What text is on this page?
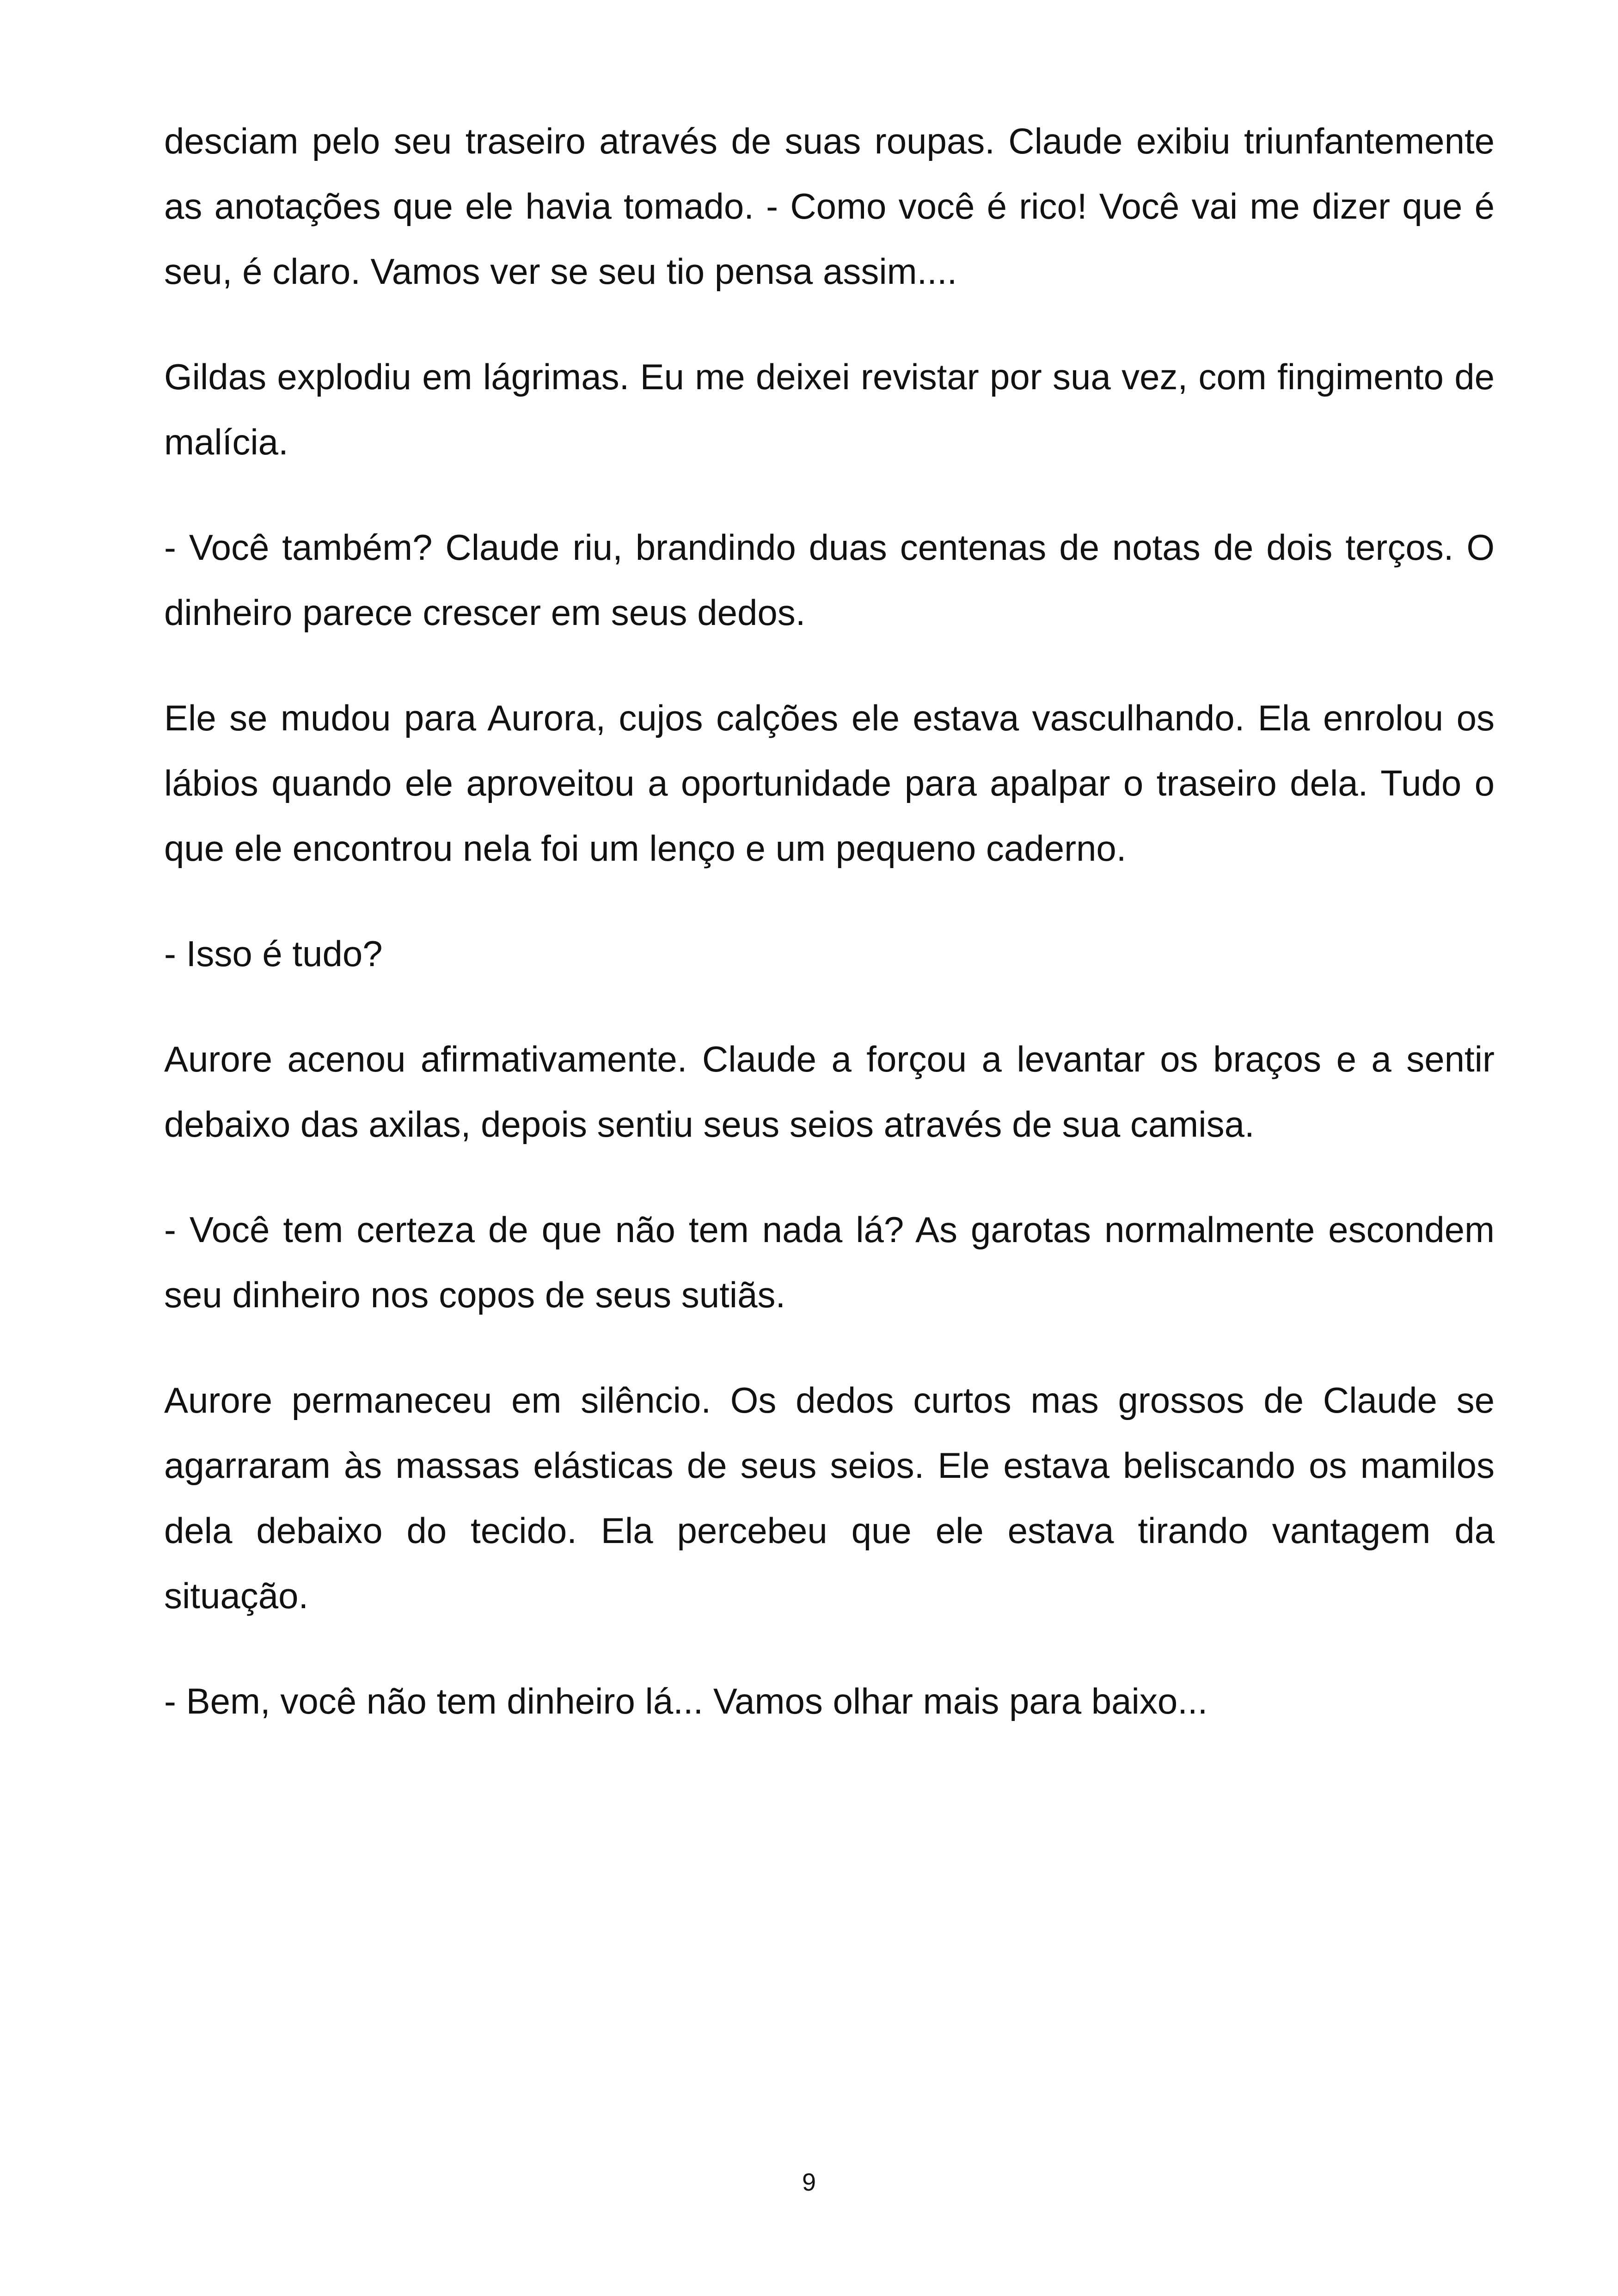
desciam pelo seu traseiro através de suas roupas. Claude exibiu triunfantemente as anotações que ele havia tomado. - Como você é rico! Você vai me dizer que é seu, é claro. Vamos ver se seu tio pensa assim....

Gildas explodiu em lágrimas. Eu me deixei revistar por sua vez, com fingimento de malícia.

- Você também? Claude riu, brandindo duas centenas de notas de dois terços. O dinheiro parece crescer em seus dedos.

Ele se mudou para Aurora, cujos calções ele estava vasculhando. Ela enrolou os lábios quando ele aproveitou a oportunidade para apalpar o traseiro dela. Tudo o que ele encontrou nela foi um lenço e um pequeno caderno.

- Isso é tudo?

Aurore acenou afirmativamente. Claude a forçou a levantar os braços e a sentir debaixo das axilas, depois sentiu seus seios através de sua camisa.

- Você tem certeza de que não tem nada lá? As garotas normalmente escondem seu dinheiro nos copos de seus sutiãs.

Aurore permaneceu em silêncio. Os dedos curtos mas grossos de Claude se agarraram às massas elásticas de seus seios. Ele estava beliscando os mamilos dela debaixo do tecido. Ela percebeu que ele estava tirando vantagem da situação.

- Bem, você não tem dinheiro lá... Vamos olhar mais para baixo...

9
